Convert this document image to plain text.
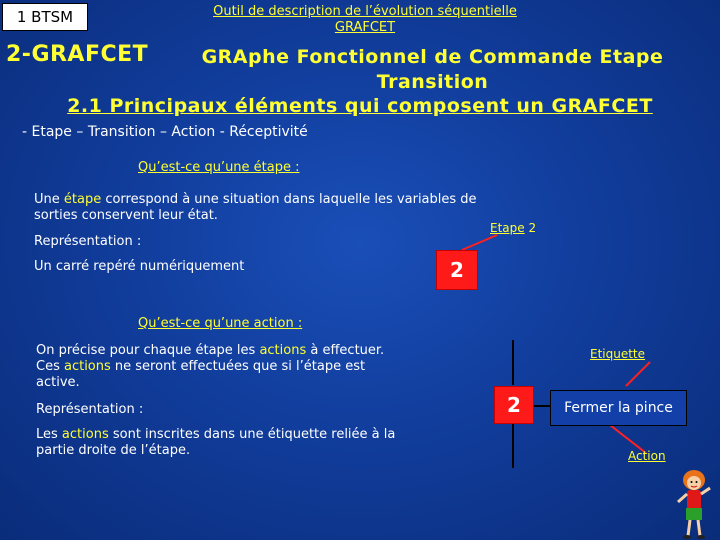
1 BTSM	Outil de description de l’évolution séquentielle
GRAFCET
2-GRAFCET	GRAphe Fonctionnel de Commande Etape
Transition
2.1 Principaux éléments qui composent un GRAFCET
- Etape – Transition – Action - Réceptivité
Qu’est-ce qu’une étape :
Une étape correspond à une situation dans laquelle les variables de
sorties conservent leur état.
Représentation :
Un carré repéré numériquement
Etape 2
2
Qu’est-ce qu’une action :
On précise pour chaque étape les actions à effectuer.
Ces actions ne seront effectuées que si l’étape est
active.
Représentation :
Les actions sont inscrites dans une étiquette reliée à la
partie droite de l’étape.
2	Fermer la pince
Etiquette
Action
